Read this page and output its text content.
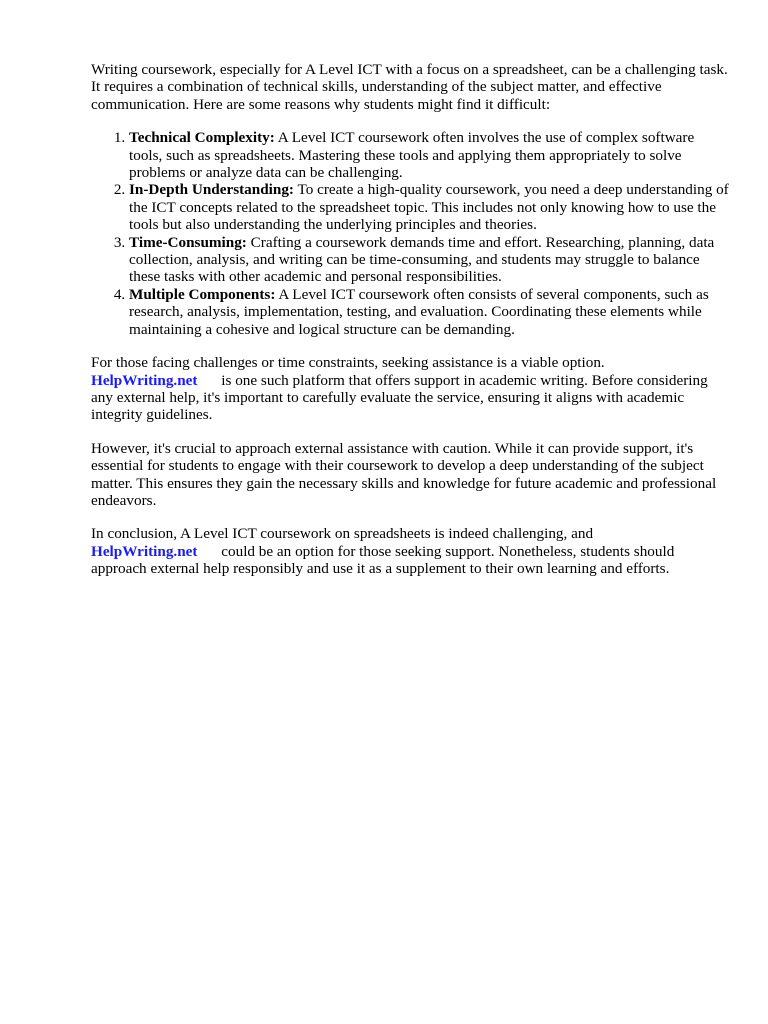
Writing coursework, especially for A Level ICT with a focus on a spreadsheet, can be a challenging task. It requires a combination of technical skills, understanding of the subject matter, and effective communication. Here are some reasons why students might find it difficult:

1. Technical Complexity: A Level ICT coursework often involves the use of complex software tools, such as spreadsheets. Mastering these tools and applying them appropriately to solve problems or analyze data can be challenging.
2. In-Depth Understanding: To create a high-quality coursework, you need a deep understanding of the ICT concepts related to the spreadsheet topic. This includes not only knowing how to use the tools but also understanding the underlying principles and theories.
3. Time-Consuming: Crafting a coursework demands time and effort. Researching, planning, data collection, analysis, and writing can be time-consuming, and students may struggle to balance these tasks with other academic and personal responsibilities.
4. Multiple Components: A Level ICT coursework often consists of several components, such as research, analysis, implementation, testing, and evaluation. Coordinating these elements while maintaining a cohesive and logical structure can be demanding.

For those facing challenges or time constraints, seeking assistance is a viable option.
HelpWriting.net is one such platform that offers support in academic writing. Before considering any external help, it's important to carefully evaluate the service, ensuring it aligns with academic integrity guidelines.

However, it's crucial to approach external assistance with caution. While it can provide support, it's essential for students to engage with their coursework to develop a deep understanding of the subject matter. This ensures they gain the necessary skills and knowledge for future academic and professional endeavors.

In conclusion, A Level ICT coursework on spreadsheets is indeed challenging, and
HelpWriting.net could be an option for those seeking support. Nonetheless, students should approach external help responsibly and use it as a supplement to their own learning and efforts.
